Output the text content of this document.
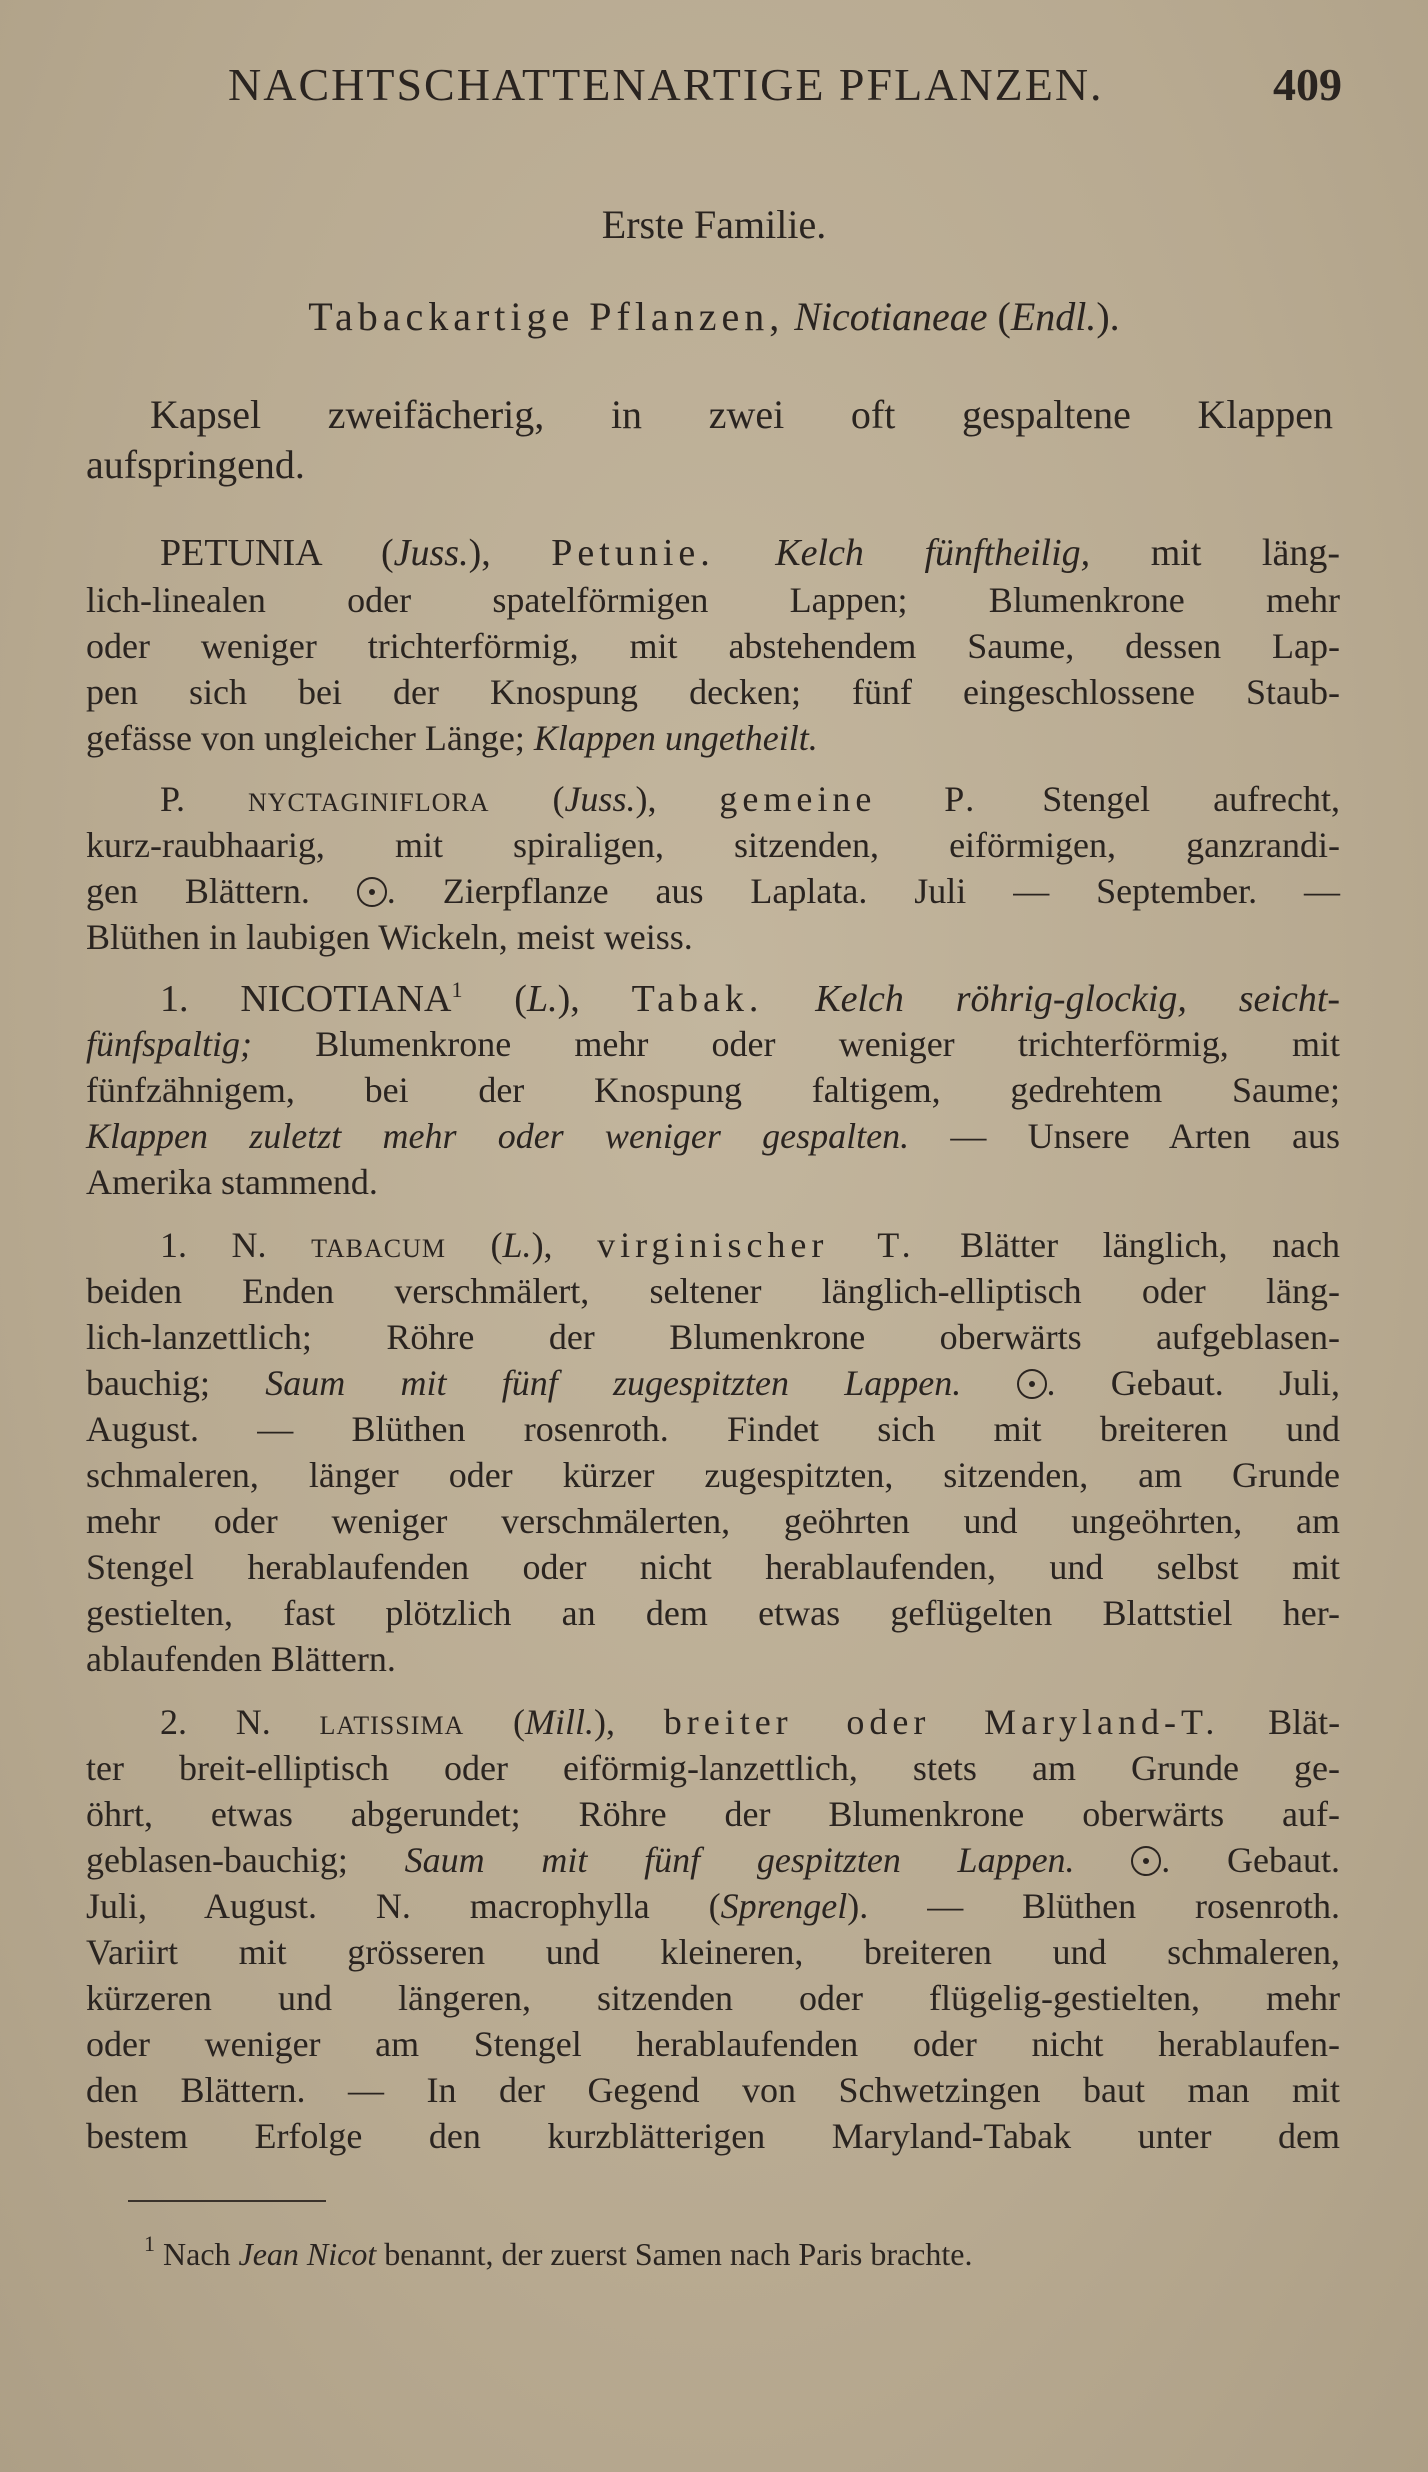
NACHTSCHATTENARTIGE PFLANZEN.	409
Erste Familie.
Tabackartige Pflanzen, Nicotianeae (Endl.).
Kapsel zweifächerig, in zwei oft gespaltene Klappen
aufspringend.
PETUNIA (Juss.), Petunie. Kelch fünftheilig, mit läng-
lich-linealen oder spatelförmigen Lappen; Blumenkrone mehr
oder weniger trichterförmig, mit abstehendem Saume, dessen Lap-
pen sich bei der Knospung decken; fünf eingeschlossene Staub-
gefässe von ungleicher Länge; Klappen ungetheilt.
P. NYCTAGINIFLORA (Juss.), gemeine P. Stengel aufrecht,
kurz-raubhaarig, mit spiraligen, sitzenden, eiförmigen, ganzrandi-
gen Blättern. . Zierpflanze aus Laplata. Juli — September. —
Blüthen in laubigen Wickeln, meist weiss.
1. NICOTIANA$^1$ (L.), Tabak. Kelch röhrig-glockig, seicht-
fünfspaltig; Blumenkrone mehr oder weniger trichterförmig, mit
fünfzähnigem, bei der Knospung faltigem, gedrehtem Saume;
Klappen zuletzt mehr oder weniger gespalten. — Unsere Arten aus
Amerika stammend.
1. N. TABACUM (L.), virginischer T. Blätter länglich, nach
beiden Enden verschmälert, seltener länglich-elliptisch oder läng-
lich-lanzettlich; Röhre der Blumenkrone oberwärts aufgeblasen-
bauchig; Saum mit fünf zugespitzten Lappen. . Gebaut. Juli,
August. — Blüthen rosenroth. Findet sich mit breiteren und
schmaleren, länger oder kürzer zugespitzten, sitzenden, am Grunde
mehr oder weniger verschmälerten, geöhrten und ungeöhrten, am
Stengel herablaufenden oder nicht herablaufenden, und selbst mit
gestielten, fast plötzlich an dem etwas geflügelten Blattstiel her-
ablaufenden Blättern.
2. N. LATISSIMA (Mill.), breiter oder Maryland-T. Blät-
ter breit-elliptisch oder eiförmig-lanzettlich, stets am Grunde ge-
öhrt, etwas abgerundet; Röhre der Blumenkrone oberwärts auf-
geblasen-bauchig; Saum mit fünf gespitzten Lappen. . Gebaut.
Juli, August. N. macrophylla (Sprengel). — Blüthen rosenroth.
Variirt mit grösseren und kleineren, breiteren und schmaleren,
kürzeren und längeren, sitzenden oder flügelig-gestielten, mehr
oder weniger am Stengel herablaufenden oder nicht herablaufen-
den Blättern. — In der Gegend von Schwetzingen baut man mit
bestem Erfolge den kurzblätterigen Maryland-Tabak unter dem
$^1$ Nach Jean Nicot benannt, der zuerst Samen nach Paris brachte.
